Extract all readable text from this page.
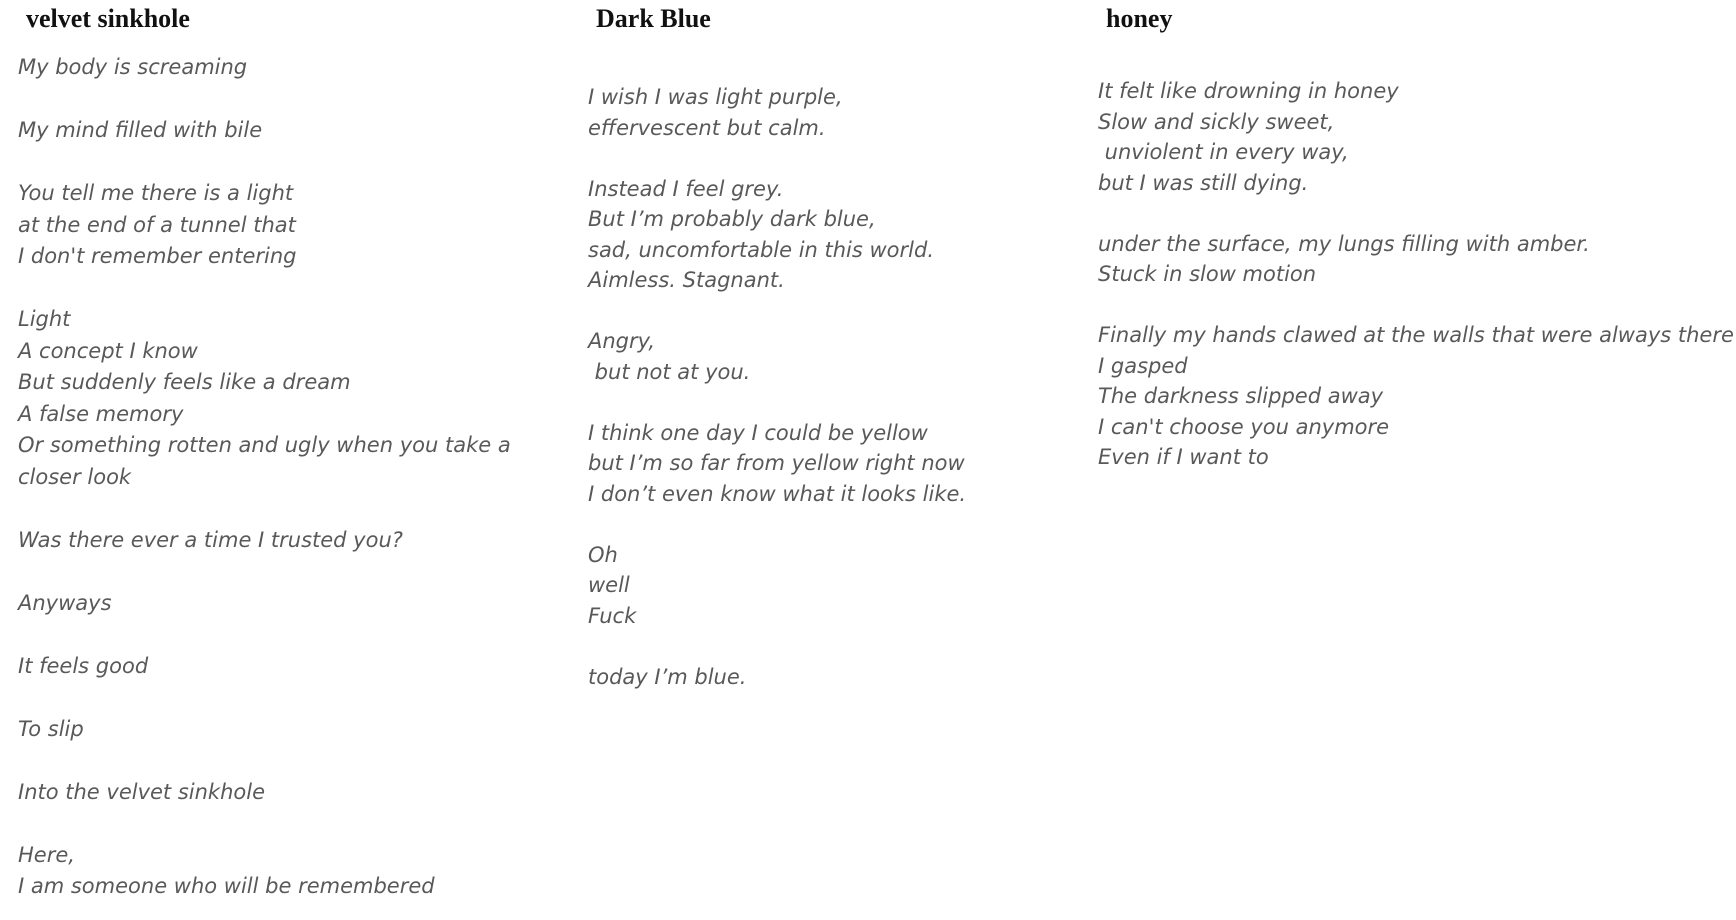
velvet sinkhole
My body is screaming

My mind filled with bile

You tell me there is a light
at the end of a tunnel that
I don't remember entering

Light
A concept I know
But suddenly feels like a dream
A false memory
Or something rotten and ugly when you take a
closer look

Was there ever a time I trusted you?

Anyways

It feels good

To slip

Into the velvet sinkhole

Here,
I am someone who will be remembered
Dark Blue
I wish I was light purple,
effervescent but calm.

Instead I feel grey.
But I’m probably dark blue,
sad, uncomfortable in this world.
Aimless. Stagnant.

Angry,
but not at you.

I think one day I could be yellow
but I’m so far from yellow right now
I don’t even know what it looks like.

Oh
well
Fuck

today I’m blue.
honey
It felt like drowning in honey
Slow and sickly sweet,
unviolent in every way,
but I was still dying.

under the surface, my lungs filling with amber.
Stuck in slow motion

Finally my hands clawed at the walls that were always there
I gasped
The darkness slipped away
I can't choose you anymore
Even if I want to
